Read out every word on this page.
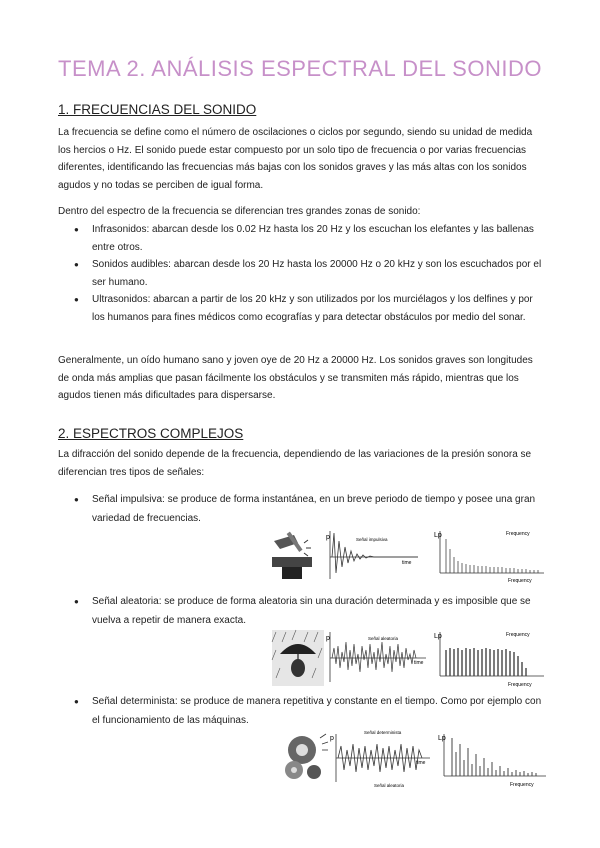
TEMA 2. ANÁLISIS ESPECTRAL DEL SONIDO
1. FRECUENCIAS DEL SONIDO
La frecuencia se define como el número de oscilaciones o ciclos por segundo, siendo su unidad de medida los hercios o Hz. El sonido puede estar compuesto por un solo tipo de frecuencia o por varias frecuencias diferentes, identificando las frecuencias más bajas con los sonidos graves y las más altas con los sonidos agudos y no todas se perciben de igual forma.
Dentro del espectro de la frecuencia se diferencian tres grandes zonas de sonido:
● Infrasonidos: abarcan desde los 0.02 Hz hasta los 20 Hz y los escuchan los elefantes y las ballenas entre otros.
● Sonidos audibles: abarcan desde los 20 Hz hasta los 20000 Hz o 20 kHz y son los escuchados por el ser humano.
● Ultrasonidos: abarcan a partir de los 20 kHz y son utilizados por los murciélagos y los delfines y por los humanos para fines médicos como ecografías y para detectar obstáculos por medio del sonar.
Generalmente, un oído humano sano y joven oye de 20 Hz a 20000 Hz. Los sonidos graves son longitudes de onda más amplias que pasan fácilmente los obstáculos y se transmiten más rápido, mientras que los agudos tienen más dificultades para dispersarse.
2. ESPECTROS COMPLEJOS
La difracción del sonido depende de la frecuencia, dependiendo de las variaciones de la presión sonora se diferencian tres tipos de señales:
● Señal impulsiva: se produce de forma instantánea, en un breve periodo de tiempo y posee una gran variedad de frecuencias.
p	Señal impulsiva
time
Lp	Frequency
Frequency
● Señal aleatoria: se produce de forma aleatoria sin una duración determinada y es imposible que se vuelva a repetir de manera exacta.
p	Señal aleatoria
time
Lp	Frequency
Frequency
● Señal determinista: se produce de manera repetitiva y constante en el tiempo. Como por ejemplo con el funcionamiento de las máquinas.
p
Señal determinista
time
Señal aleatoria
Lp
Frequency
